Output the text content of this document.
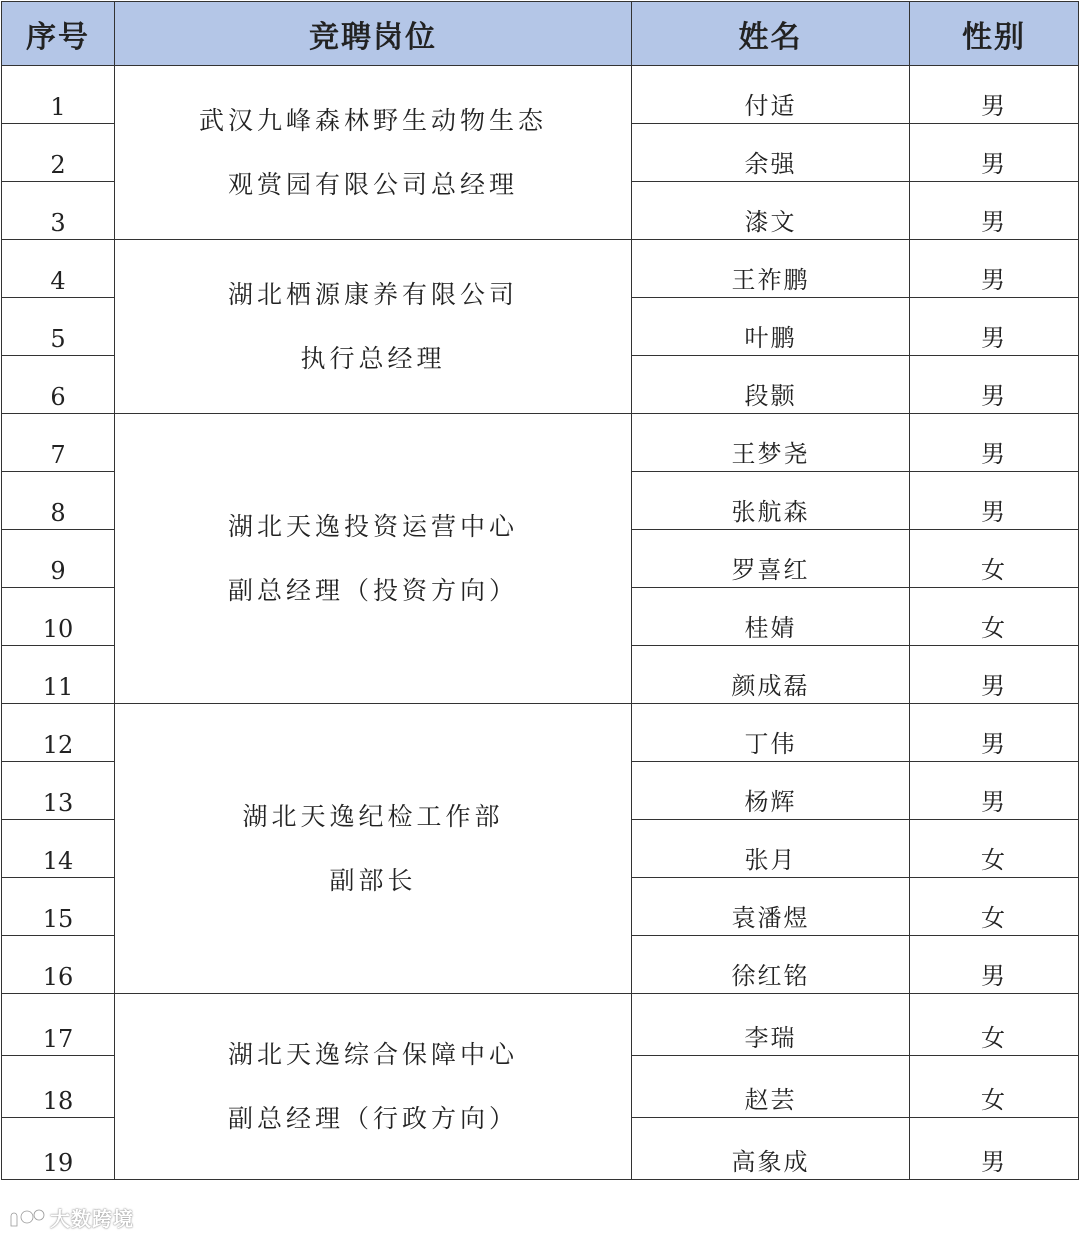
序号	竞聘岗位	姓名	性别
1	武汉九峰森林野生动物生态
观赏园有限公司总经理	付适	男
2		余强	男
3		漆文	男
4	湖北栖源康养有限公司
执行总经理	王祚鹏	男
5		叶鹏	男
6		段颢	男
7	湖北天逸投资运营中心
副总经理（投资方向）	王梦尧	男
8		张航森	男
9		罗喜红	女
10		桂婧	女
11		颜成磊	男
12	湖北天逸纪检工作部
副部长	丁伟	男
13		杨辉	男
14		张月	女
15		袁潘煜	女
16		徐红铭	男
17	湖北天逸综合保障中心
副总经理（行政方向）	李瑞	女
18		赵芸	女
19		高象成	男
大数跨境
